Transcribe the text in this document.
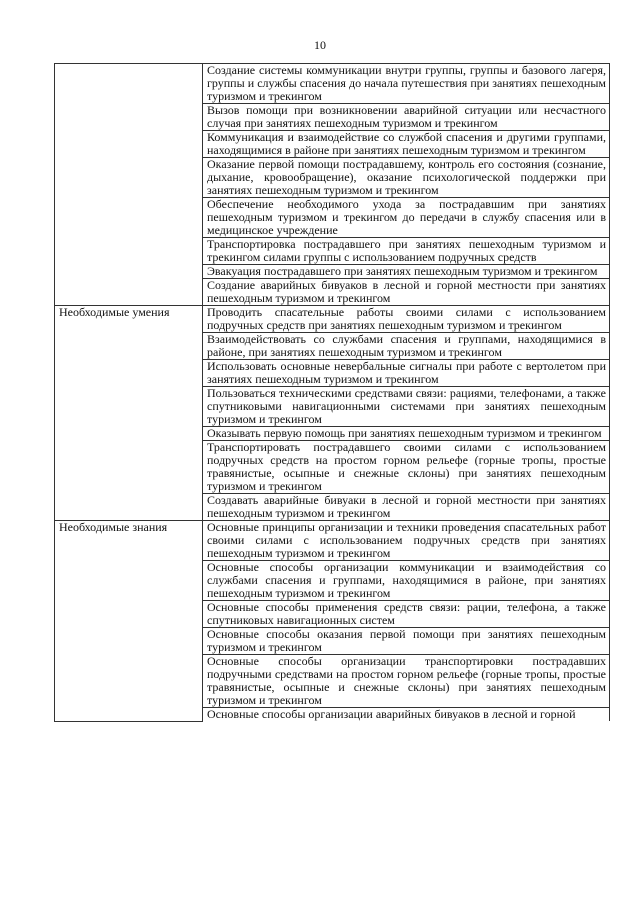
10
	Создание системы коммуникации внутри группы, группы и базового лагеря, группы и службы спасения до начала путешествия при занятиях пешеходным туризмом и трекингом
	Вызов помощи при возникновении аварийной ситуации или несчастного случая при занятиях пешеходным туризмом и трекингом
	Коммуникация и взаимодействие со службой спасения и другими группами, находящимися в районе при занятиях пешеходным туризмом и трекингом
	Оказание первой помощи пострадавшему, контроль его состояния (сознание, дыхание, кровообращение), оказание психологической поддержки при занятиях пешеходным туризмом и трекингом
	Обеспечение необходимого ухода за пострадавшим при занятиях пешеходным туризмом и трекингом до передачи в службу спасения или в медицинское учреждение
	Транспортировка пострадавшего при занятиях пешеходным туризмом и трекингом силами группы с использованием подручных средств
	Эвакуация пострадавшего при занятиях пешеходным туризмом и трекингом
	Создание аварийных бивуаков в лесной и горной местности при занятиях пешеходным туризмом и трекингом
Необходимые умения	Проводить спасательные работы своими силами с использованием подручных средств при занятиях пешеходным туризмом и трекингом
	Взаимодействовать со службами спасения и группами, находящимися в районе, при занятиях пешеходным туризмом и трекингом
	Использовать основные невербальные сигналы при работе с вертолетом при занятиях пешеходным туризмом и трекингом
	Пользоваться техническими средствами связи: рациями, телефонами, а также спутниковыми навигационными системами при занятиях пешеходным туризмом и трекингом
	Оказывать первую помощь при занятиях пешеходным туризмом и трекингом
	Транспортировать пострадавшего своими силами с использованием подручных средств на простом горном рельефе (горные тропы, простые травянистые, осыпные и снежные склоны) при занятиях пешеходным туризмом и трекингом
	Создавать аварийные бивуаки в лесной и горной местности при занятиях пешеходным туризмом и трекингом
Необходимые знания	Основные принципы организации и техники проведения спасательных работ своими силами с использованием подручных средств при занятиях пешеходным туризмом и трекингом
	Основные способы организации коммуникации и взаимодействия со службами спасения и группами, находящимися в районе, при занятиях пешеходным туризмом и трекингом
	Основные способы применения средств связи: рации, телефона, а также спутниковых навигационных систем
	Основные способы оказания первой помощи при занятиях пешеходным туризмом и трекингом
	Основные способы организации транспортировки пострадавших подручными средствами на простом горном рельефе (горные тропы, простые травянистые, осыпные и снежные склоны) при занятиях пешеходным туризмом и трекингом
	Основные способы организации аварийных бивуаков в лесной и горной
